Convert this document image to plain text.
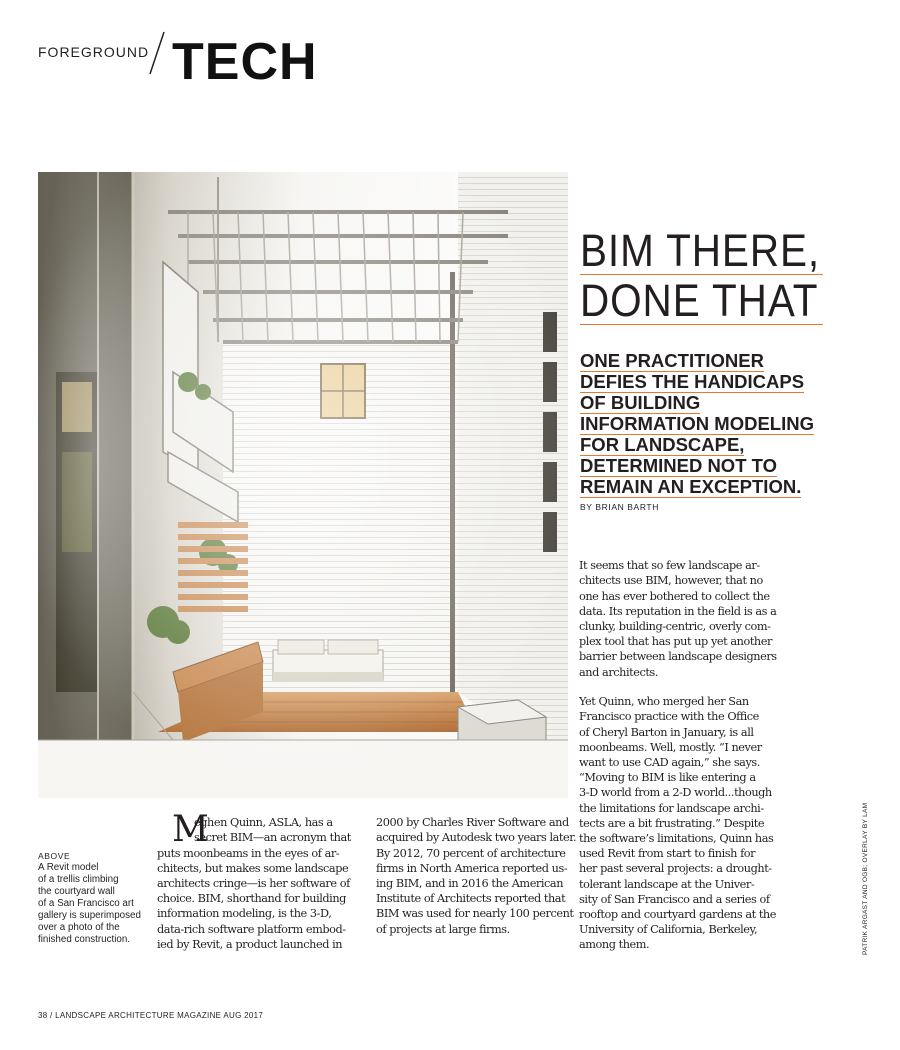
FOREGROUND TECH
BIM THERE,
DONE THAT
ONE PRACTITIONER
DEFIES THE HANDICAPS
OF BUILDING
INFORMATION MODELING
FOR LANDSCAPE,
DETERMINED NOT TO
REMAIN AN EXCEPTION.
BY BRIAN BARTH
ABOVE
A Revit model
of a trellis climbing
the courtyard wall
of a San Francisco art
gallery is superimposed
over a photo of the
finished construction.
M
eghen Quinn, ASLA, has a
secret BIM—an acronym that
puts moonbeams in the eyes of ar-
chitects, but makes some landscape
architects cringe—is her software of
choice. BIM, shorthand for building
information modeling, is the 3-D,
data-rich software platform embod-
ied by Revit, a product launched in
2000 by Charles River Software and
acquired by Autodesk two years later.
By 2012, 70 percent of architecture
firms in North America reported us-
ing BIM, and in 2016 the American
Institute of Architects reported that
BIM was used for nearly 100 percent
of projects at large firms.
It seems that so few landscape ar-
chitects use BIM, however, that no
one has ever bothered to collect the
data. Its reputation in the field is as a
clunky, building-centric, overly com-
plex tool that has put up yet another
barrier between landscape designers
and architects.
Yet Quinn, who merged her San
Francisco practice with the Office
of Cheryl Barton in January, is all
moonbeams. Well, mostly. “I never
want to use CAD again,” she says.
“Moving to BIM is like entering a
3-D world from a 2-D world...though
the limitations for landscape archi-
tects are a bit frustrating.” Despite
the software’s limitations, Quinn has
used Revit from start to finish for
her past several projects: a drought-
tolerant landscape at the Univer-
sity of San Francisco and a series of
rooftop and courtyard gardens at the
University of California, Berkeley,
among them.	PATRIK ARGAST AND OGB; OVERLAY BY LAM
38 / LANDSCAPE ARCHITECTURE MAGAZINE AUG 2017
